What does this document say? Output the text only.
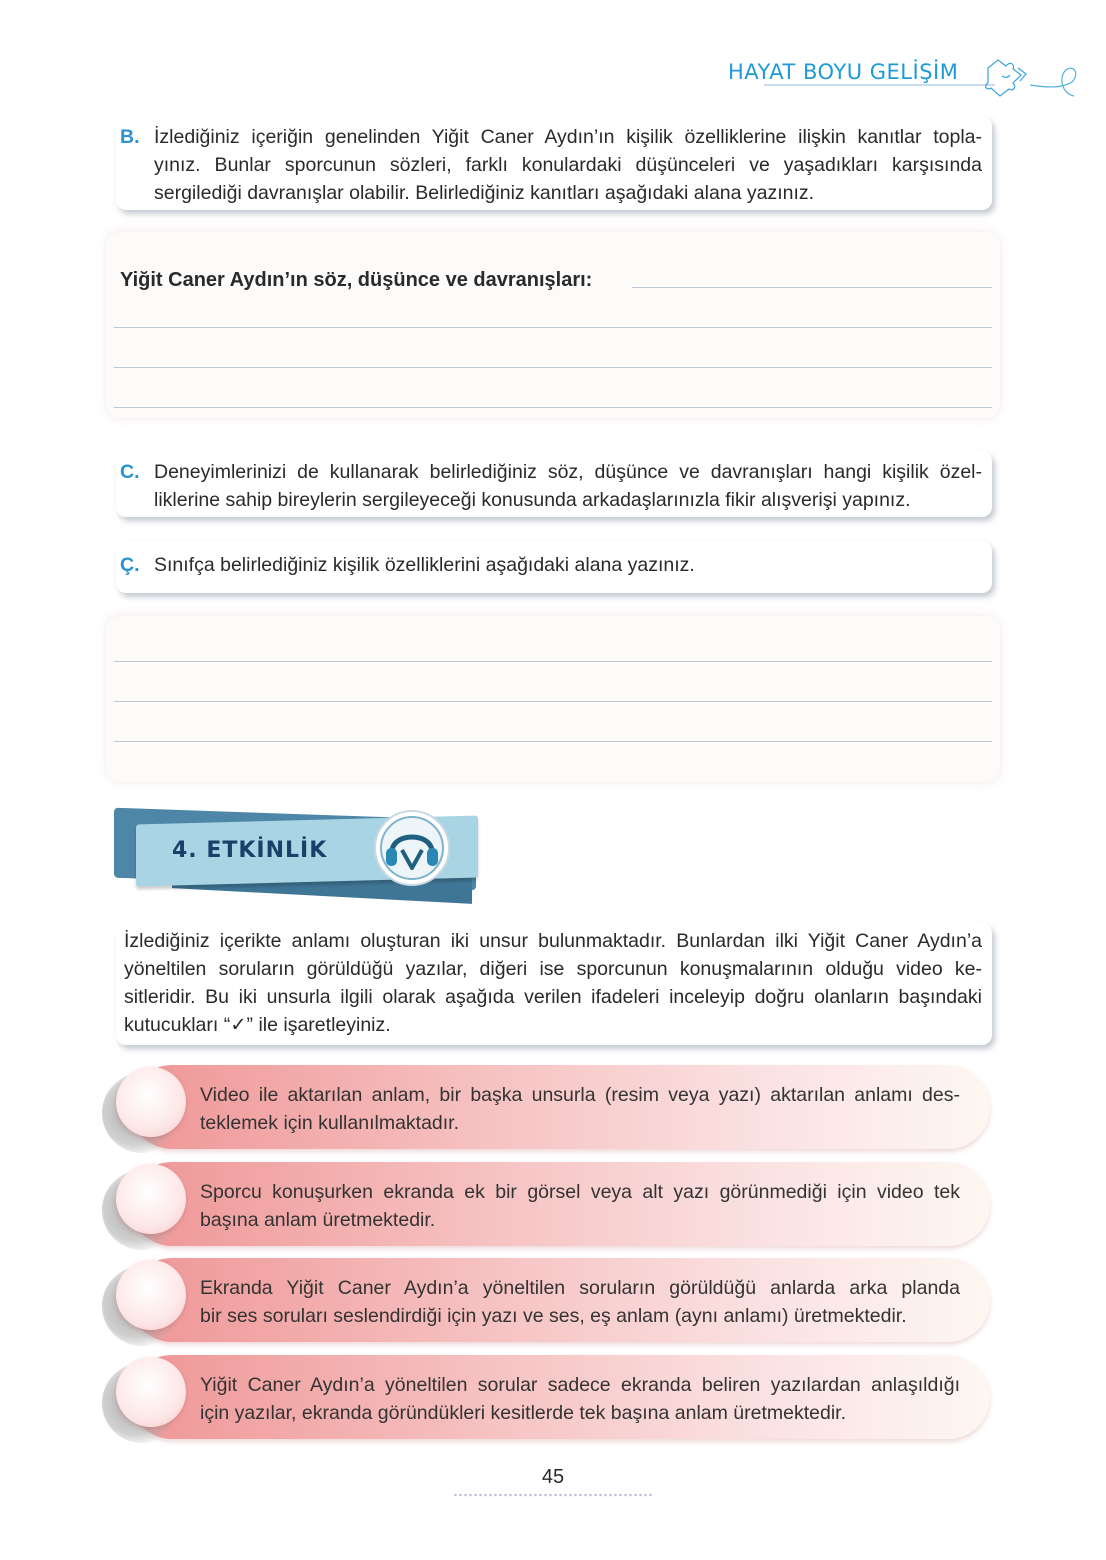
HAYAT BOYU GELİŞİM
B. İzlediğiniz içeriğin genelinden Yiğit Caner Aydın’ın kişilik özelliklerine ilişkin kanıtlar topla-

yınız. Bunlar sporcunun sözleri, farklı konulardaki düşünceleri ve yaşadıkları karşısında

sergilediği davranışlar olabilir. Belirlediğiniz kanıtları aşağıdaki alana yazınız.

Yiğit Caner Aydın’ın söz, düşünce ve davranışları:
C. Deneyimlerinizi de kullanarak belirlediğiniz söz, düşünce ve davranışları hangi kişilik özel-

liklerine sahip bireylerin sergileyeceği konusunda arkadaşlarınızla fikir alışverişi yapınız.

Ç. Sınıfça belirlediğiniz kişilik özelliklerini aşağıdaki alana yazınız.

4. ETKİNLİK

İzlediğiniz içerikte anlamı oluşturan iki unsur bulunmaktadır. Bunlardan ilki Yiğit Caner Aydın’a

yöneltilen soruların görüldüğü yazılar, diğeri ise sporcunun konuşmalarının olduğu video ke-

sitleridir. Bu iki unsurla ilgili olarak aşağıda verilen ifadeleri inceleyip doğru olanların başındaki

kutucukları “✓” ile işaretleyiniz.

Video ile aktarılan anlam, bir başka unsurla (resim veya yazı) aktarılan anlamı des-

teklemek için kullanılmaktadır.

Sporcu konuşurken ekranda ek bir görsel veya alt yazı görünmediği için video tek

başına anlam üretmektedir.

Ekranda Yiğit Caner Aydın’a yöneltilen soruların görüldüğü anlarda arka planda

bir ses soruları seslendirdiği için yazı ve ses, eş anlam (aynı anlamı) üretmektedir.

Yiğit Caner Aydın’a yöneltilen sorular sadece ekranda beliren yazılardan anlaşıldığı

için yazılar, ekranda göründükleri kesitlerde tek başına anlam üretmektedir.

45
